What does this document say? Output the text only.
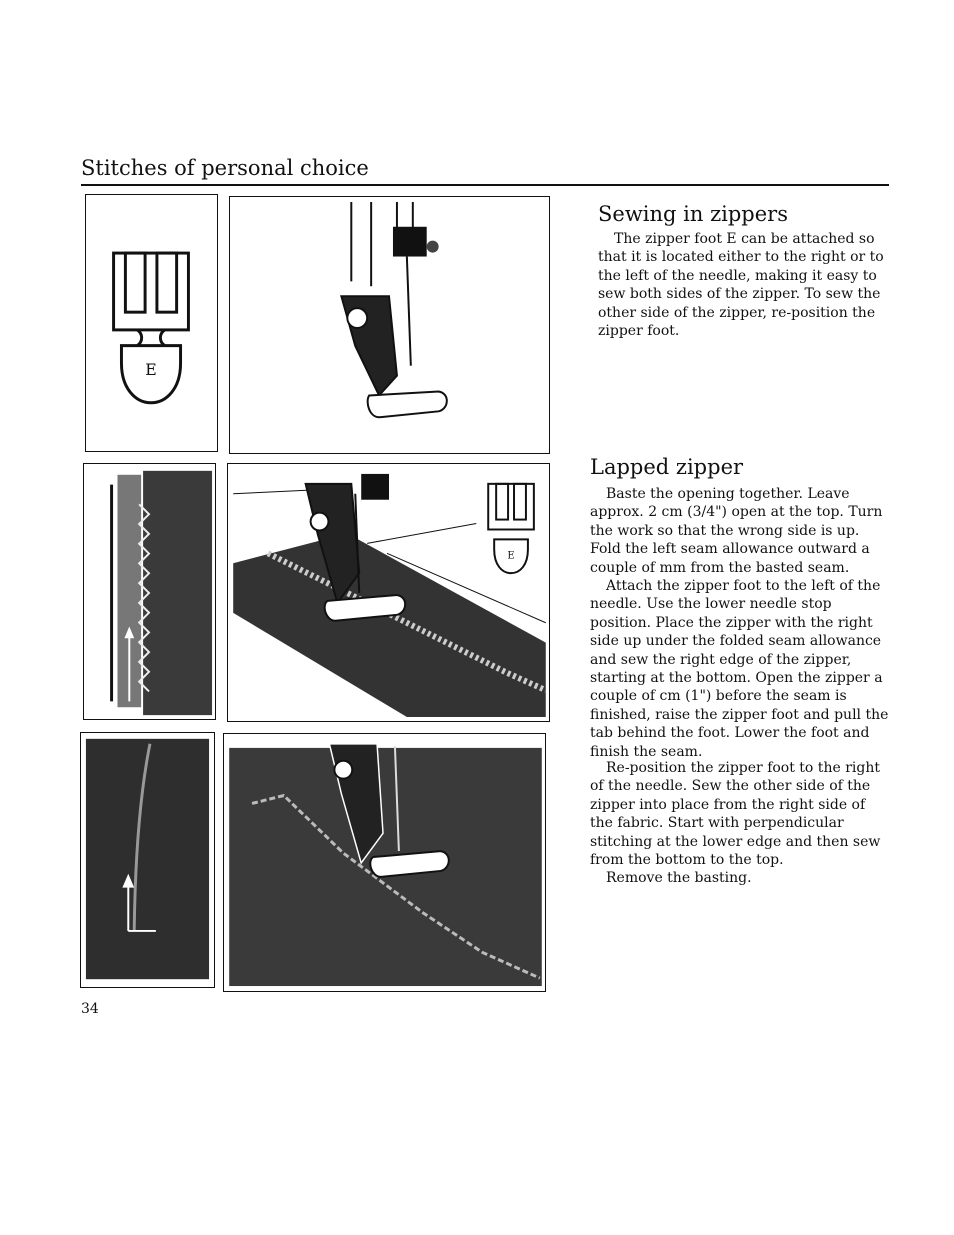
Stitches of personal choice
E
Sewing in zippers

The zipper foot E can be attached so that it is located either to the right or to the left of the needle, making it easy to sew both sides of the zipper. To sew the other side of the zipper, re-position the zipper foot.

E
Lapped zipper

Baste the opening together. Leave approx. 2 cm (3/4") open at the top. Turn the work so that the wrong side is up. Fold the left seam allowance outward a couple of mm from the basted seam.

Attach the zipper foot to the left of the needle. Use the lower needle stop position. Place the zipper with the right side up under the folded seam allowance and sew the right edge of the zipper, starting at the bottom. Open the zipper a couple of cm (1") before the seam is finished, raise the zipper foot and pull the tab behind the foot. Lower the foot and finish the seam.

Re-position the zipper foot to the right of the needle. Sew the other side of the zipper into place from the right side of the fabric. Start with perpendicular stitching at the lower edge and then sew from the bottom to the top.

Remove the basting.

34
